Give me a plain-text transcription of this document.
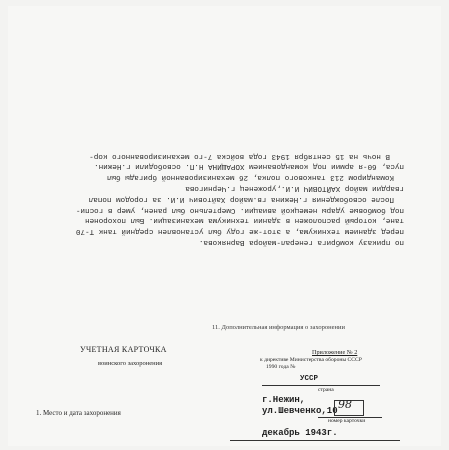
по приказу комбрига генерал-майора Варнякова.
перед зданием техникума, а этот-же году был установлен средний танк Т-70
тане, который расположен в здании техникума механизации. Был похоронен
под бомбовые удары немецкой авиации. Смертельно был ранен, умер в госпи-
После освобождения г.Нежина гв.майор Хайтович И.И. за городом попал
гвардии майор ХАЙТОВИЧ И.И.,уроженец г.Чернигова
Командиром 213 танкового полка, 26 механизированной бригады был
пуса, 60-я армии под командованием ХОРАЩИНА Н.П. освободили г.Нежин.
В ночь на 15 сентября 1943 года войска 7-го механизированного кор-
11. Дополнительная информация о захоронении
УЧЕТНАЯ КАРТОЧКА
воинского захоронения
Приложение № 2
к директиве Министерства обороны СССР
1990 года №
УССР
страна
г.Нежин,
ул.Шевченко,10 98
номер карточки
1. Место и дата захоронения
декабрь 1943г.
